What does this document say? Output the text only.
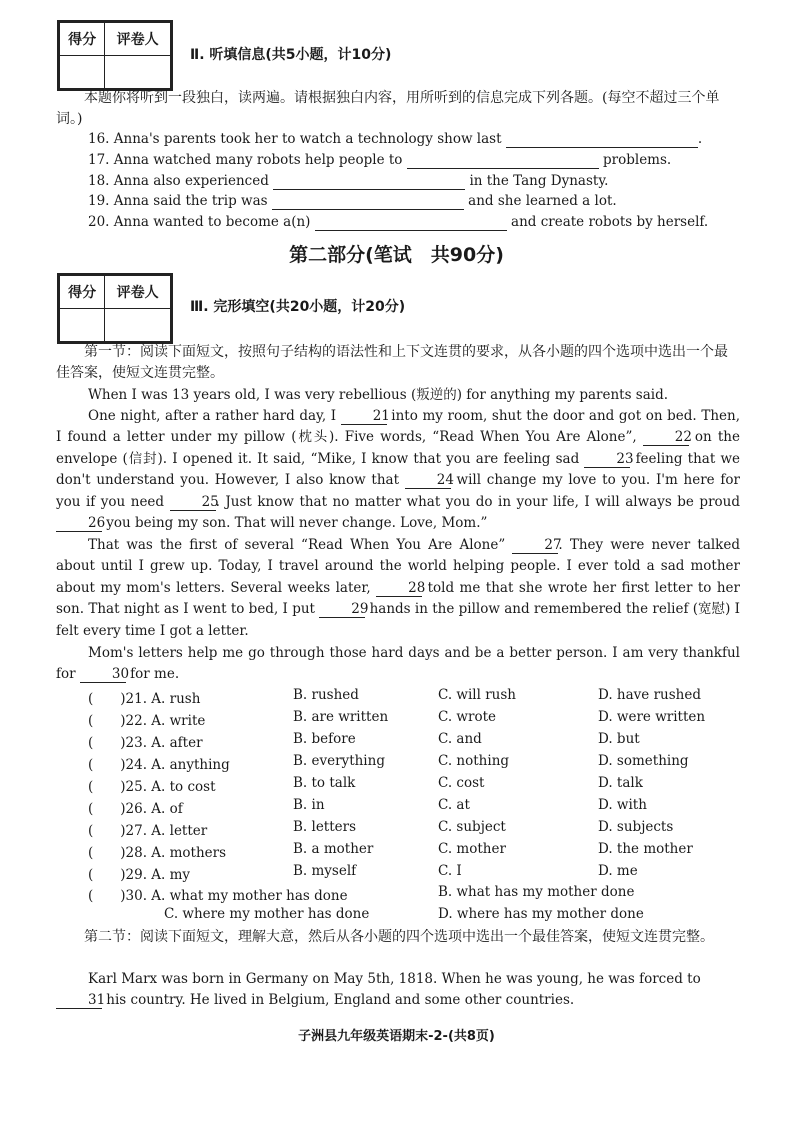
得分	评卷人

Ⅱ. 听填信息(共5小题，计10分)
本题你将听到一段独白，读两遍。请根据独白内容，用所听到的信息完成下列各题。(每空不超过三个单词。)
16. Anna's parents took her to watch a technology show last	.
17. Anna watched many robots help people to	problems.
18. Anna also experienced	in the Tang Dynasty.
19. Anna said the trip was	and she learned a lot.
20. Anna wanted to become a(n)	and create robots by herself.
第二部分(笔试　共90分)
得分	评卷人

Ⅲ. 完形填空(共20小题，计20分)
第一节：阅读下面短文，按照句子结构的语法性和上下文连贯的要求，从各小题的四个选项中选出一个最佳答案，使短文连贯完整。
When I was 13 years old, I was very rebellious (叛逆的) for anything my parents said.
One night, after a rather hard day, I 21 into my room, shut the door and got on bed. Then, I found a letter under my pillow (枕头). Five words, “Read When You Are Alone”, 22 on the envelope (信封). I opened it. It said, “Mike, I know that you are feeling sad 23 feeling that we don't understand you. However, I also know that 24 will change my love to you. I'm here for you if you need 25. Just know that no matter what you do in your life, I will always be proud 26 you being my son. That will never change. Love, Mom.”
That was the first of several “Read When You Are Alone” 27. They were never talked about until I grew up. Today, I travel around the world helping people. I ever told a sad mother about my mom's letters. Several weeks later, 28 told me that she wrote her first letter to her son. That night as I went to bed, I put 29 hands in the pillow and remembered the relief (宽慰) I felt every time I got a letter.
Mom's letters help me go through those hard days and be a better person. I am very thankful for 30 for me.
(　　)21. A. rush	B. rushed	C. will rush	D. have rushed
(　　)22. A. write	B. are written	C. wrote	D. were written
(　　)23. A. after	B. before	C. and	D. but
(　　)24. A. anything	B. everything	C. nothing	D. something
(　　)25. A. to cost	B. to talk	C. cost	D. talk
(　　)26. A. of	B. in	C. at	D. with
(　　)27. A. letter	B. letters	C. subject	D. subjects
(　　)28. A. mothers	B. a mother	C. mother	D. the mother
(　　)29. A. my	B. myself	C. I	D. me
(　　)30. A. what my mother has done	B. what has my mother done
C. where my mother has done	D. where has my mother done
第二节：阅读下面短文，理解大意，然后从各小题的四个选项中选出一个最佳答案，使短文连贯完整。
Karl Marx was born in Germany on May 5th, 1818. When he was young, he was forced to 31 his country. He lived in Belgium, England and some other countries.
子洲县九年级英语期末-2-(共8页)
